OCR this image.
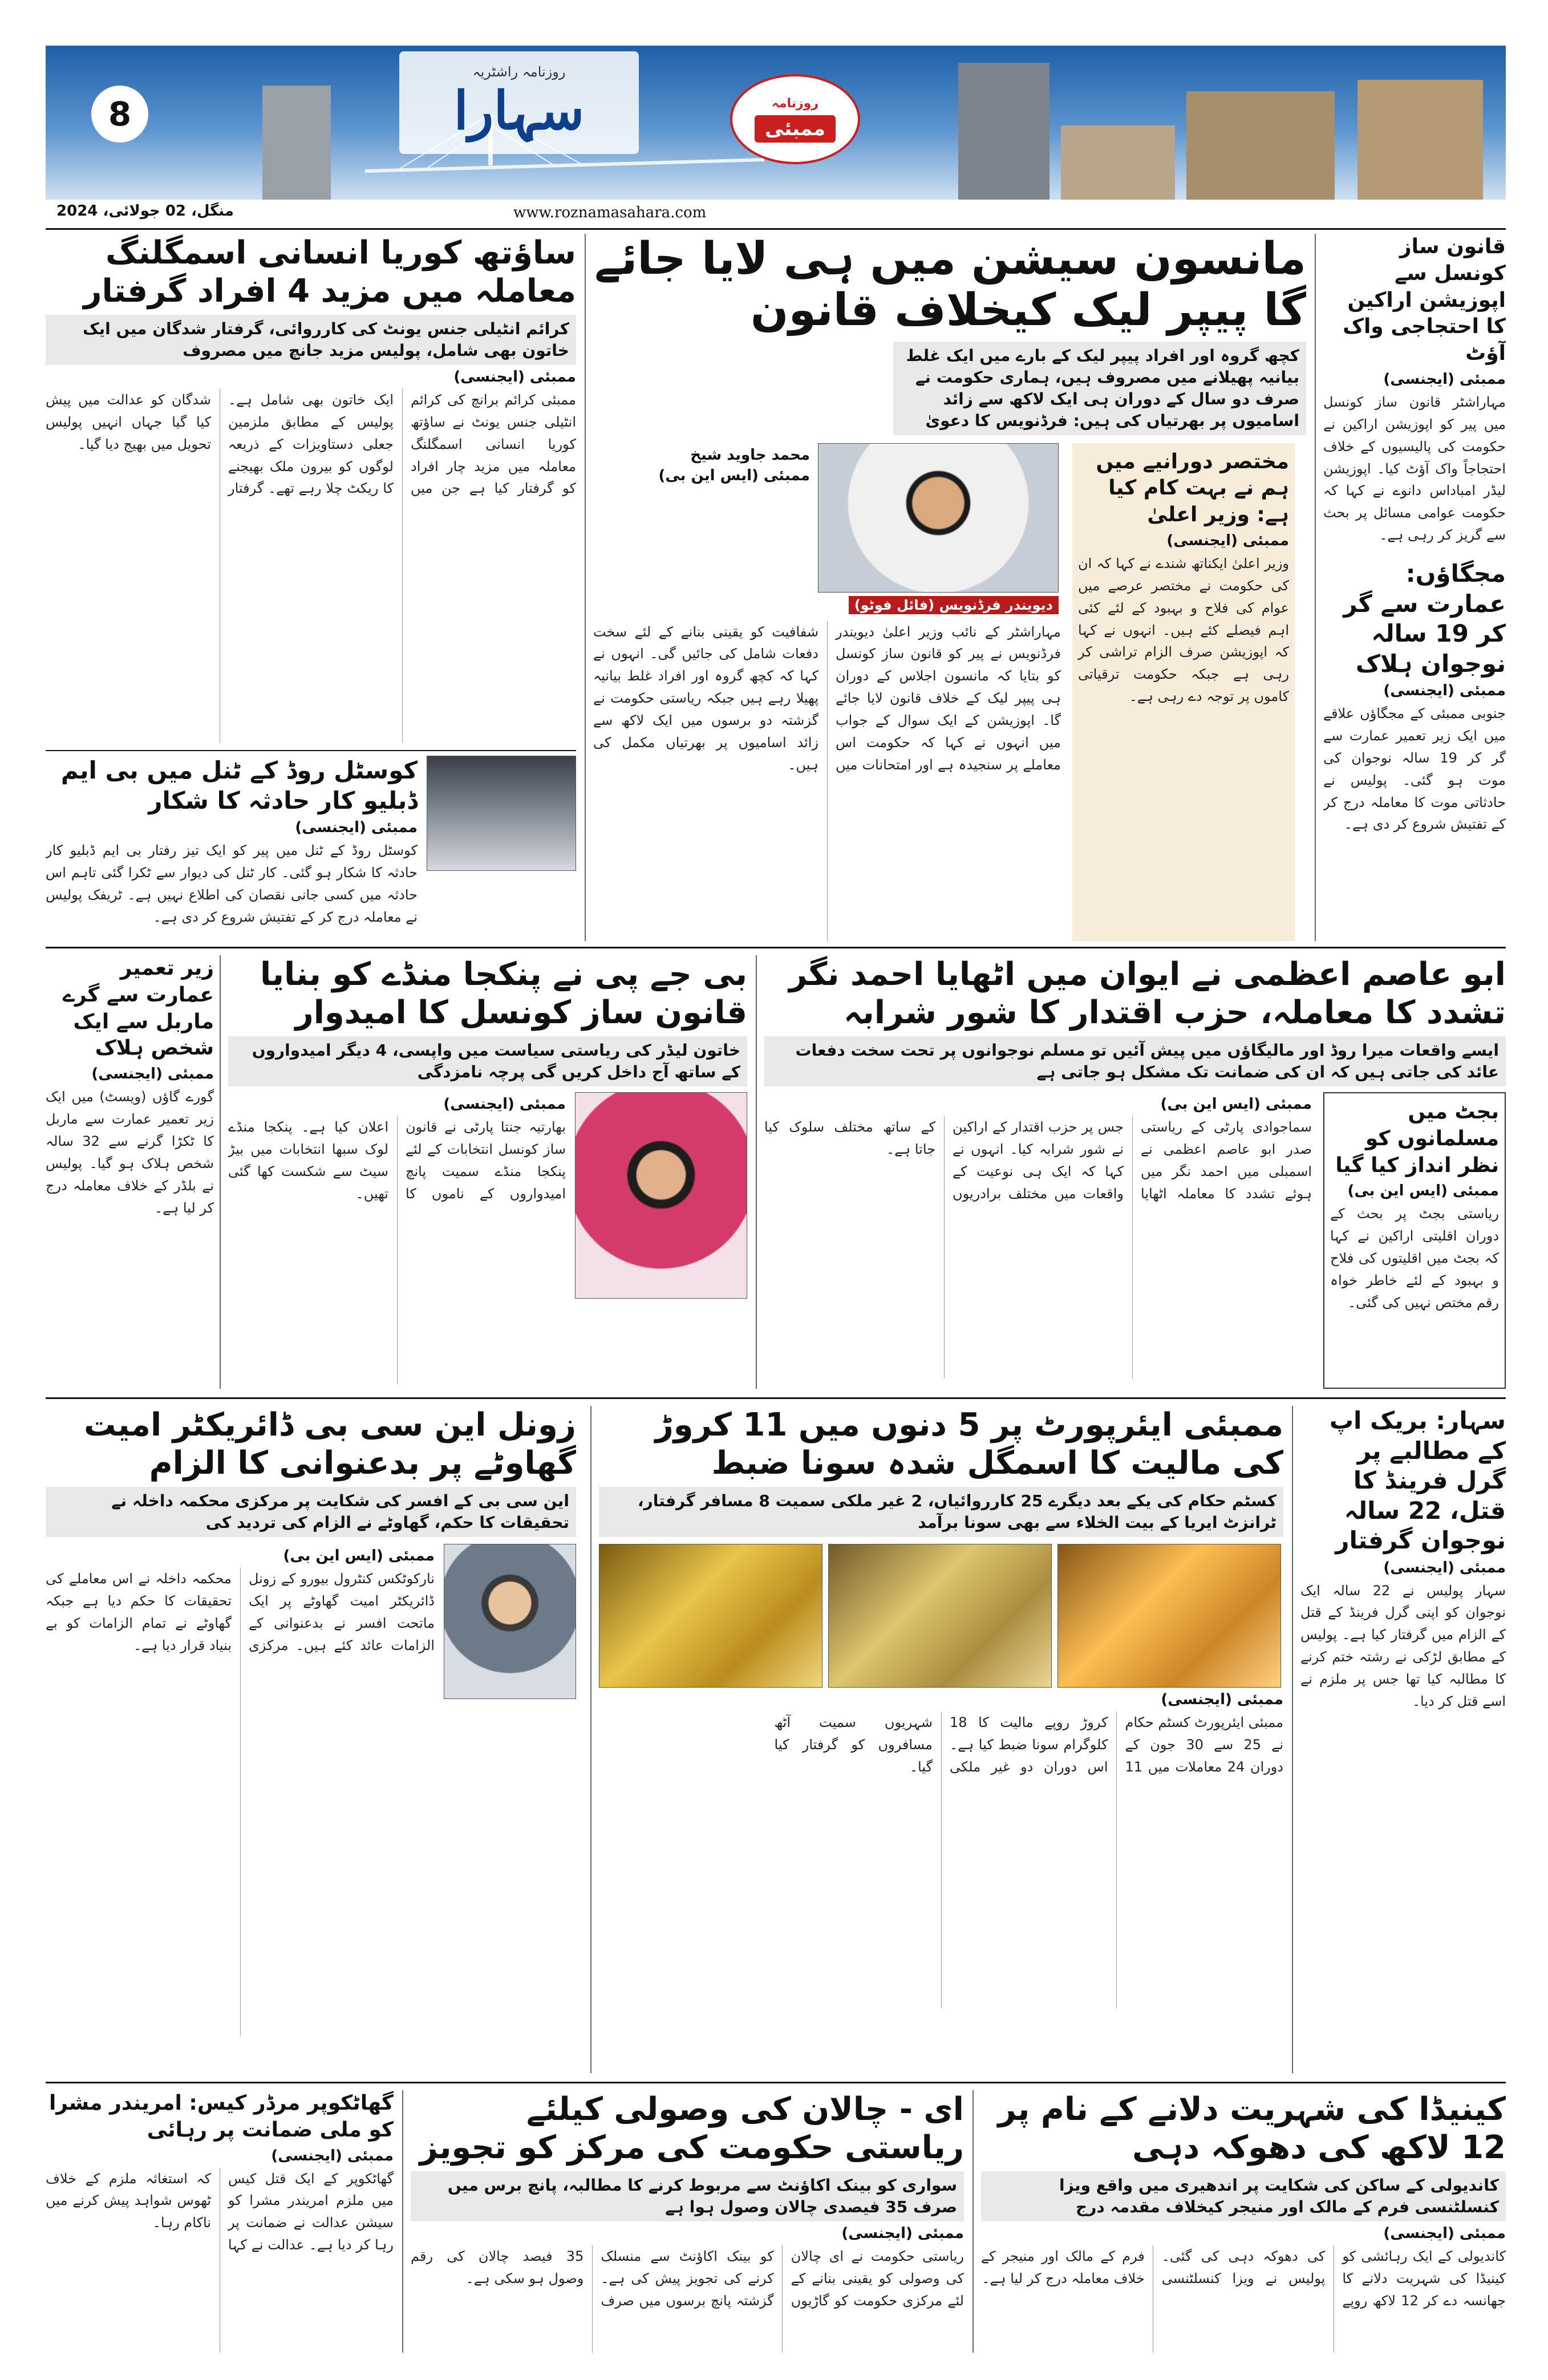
8
روزنامہ راشٹریہ
سہارا	روزنامہ
ممبئی
منگل، 02 جولائی، 2024	www.roznamasahara.com
قانون ساز کونسل سے اپوزیشن اراکین کا احتجاجی واک آؤٹ
ممبئی (ایجنسی)
مہاراشٹر قانون ساز کونسل میں پیر کو اپوزیشن اراکین نے حکومت کی پالیسیوں کے خلاف احتجاجاً واک آؤٹ کیا۔ اپوزیشن لیڈر امباداس دانوے نے کہا کہ حکومت عوامی مسائل پر بحث سے گریز کر رہی ہے۔
مجگاؤں: عمارت سے گر کر 19 سالہ نوجوان ہلاک
ممبئی (ایجنسی)
جنوبی ممبئی کے مجگاؤں علاقے میں ایک زیر تعمیر عمارت سے گر کر 19 سالہ نوجوان کی موت ہو گئی۔ پولیس نے حادثاتی موت کا معاملہ درج کر کے تفتیش شروع کر دی ہے۔
مانسون سیشن میں ہی لایا جائے گا پیپر لیک کیخلاف قانون
کچھ گروہ اور افراد پیپر لیک کے بارے میں ایک غلط بیانیہ پھیلانے میں مصروف ہیں، ہماری حکومت نے صرف دو سال کے دوران ہی ایک لاکھ سے زائد اسامیوں پر بھرتیاں کی ہیں: فرڈنویس کا دعویٰ
محمد جاوید شیخ
ممبئی (ایس این بی)
دیویندر فرڈنویس (فائل فوٹو)
مہاراشٹر کے نائب وزیر اعلیٰ دیویندر فرڈنویس نے پیر کو قانون ساز کونسل کو بتایا کہ مانسون اجلاس کے دوران ہی پیپر لیک کے خلاف قانون لایا جائے گا۔ اپوزیشن کے ایک سوال کے جواب میں انہوں نے کہا کہ حکومت اس معاملے پر سنجیدہ ہے اور امتحانات میں شفافیت کو یقینی بنانے کے لئے سخت دفعات شامل کی جائیں گی۔ انہوں نے کہا کہ کچھ گروہ اور افراد غلط بیانیہ پھیلا رہے ہیں جبکہ ریاستی حکومت نے گزشتہ دو برسوں میں ایک لاکھ سے زائد اسامیوں پر بھرتیاں مکمل کی ہیں۔
مختصر دورانیے میں ہم نے بہت کام کیا ہے: وزیر اعلیٰ
ممبئی (ایجنسی)
وزیر اعلیٰ ایکناتھ شندے نے کہا کہ ان کی حکومت نے مختصر عرصے میں عوام کی فلاح و بہبود کے لئے کئی اہم فیصلے کئے ہیں۔ انہوں نے کہا کہ اپوزیشن صرف الزام تراشی کر رہی ہے جبکہ حکومت ترقیاتی کاموں پر توجہ دے رہی ہے۔
ساؤتھ کوریا انسانی اسمگلنگ معاملہ میں مزید 4 افراد گرفتار
کرائم انٹیلی جنس یونٹ کی کارروائی، گرفتار شدگان میں ایک خاتون بھی شامل، پولیس مزید جانچ میں مصروف
ممبئی (ایجنسی)
ممبئی کرائم برانچ کی کرائم انٹیلی جنس یونٹ نے ساؤتھ کوریا انسانی اسمگلنگ معاملہ میں مزید چار افراد کو گرفتار کیا ہے جن میں ایک خاتون بھی شامل ہے۔ پولیس کے مطابق ملزمین جعلی دستاویزات کے ذریعہ لوگوں کو بیرون ملک بھیجنے کا ریکٹ چلا رہے تھے۔ گرفتار شدگان کو عدالت میں پیش کیا گیا جہاں انہیں پولیس تحویل میں بھیج دیا گیا۔
کوسٹل روڈ کے ٹنل میں بی ایم ڈبلیو کار حادثہ کا شکار
ممبئی (ایجنسی)
کوسٹل روڈ کے ٹنل میں پیر کو ایک تیز رفتار بی ایم ڈبلیو کار حادثہ کا شکار ہو گئی۔ کار ٹنل کی دیوار سے ٹکرا گئی تاہم اس حادثہ میں کسی جانی نقصان کی اطلاع نہیں ہے۔ ٹریفک پولیس نے معاملہ درج کر کے تفتیش شروع کر دی ہے۔
ابو عاصم اعظمی نے ایوان میں اٹھایا احمد نگر تشدد کا معاملہ، حزب اقتدار کا شور شرابہ
ایسے واقعات میرا روڈ اور مالیگاؤں میں پیش آئیں تو مسلم نوجوانوں پر تحت سخت دفعات عائد کی جاتی ہیں کہ ان کی ضمانت تک مشکل ہو جاتی ہے
ممبئی (ایس این بی)
سماجوادی پارٹی کے ریاستی صدر ابو عاصم اعظمی نے اسمبلی میں احمد نگر میں ہوئے تشدد کا معاملہ اٹھایا جس پر حزب اقتدار کے اراکین نے شور شرابہ کیا۔ انہوں نے کہا کہ ایک ہی نوعیت کے واقعات میں مختلف برادریوں کے ساتھ مختلف سلوک کیا جاتا ہے۔
بجٹ میں مسلمانوں کو نظر انداز کیا گیا
ممبئی (ایس این بی)
ریاستی بجٹ پر بحث کے دوران اقلیتی اراکین نے کہا کہ بجٹ میں اقلیتوں کی فلاح و بہبود کے لئے خاطر خواہ رقم مختص نہیں کی گئی۔
بی جے پی نے پنکجا منڈے کو بنایا قانون ساز کونسل کا امیدوار
خاتون لیڈر کی ریاستی سیاست میں واپسی، 4 دیگر امیدواروں کے ساتھ آج داخل کریں گی پرچہ نامزدگی
ممبئی (ایجنسی)
بھارتیہ جنتا پارٹی نے قانون ساز کونسل انتخابات کے لئے پنکجا منڈے سمیت پانچ امیدواروں کے ناموں کا اعلان کیا ہے۔ پنکجا منڈے لوک سبھا انتخابات میں بیڑ سیٹ سے شکست کھا گئی تھیں۔
زیر تعمیر عمارت سے گرے ماربل سے ایک شخص ہلاک
ممبئی (ایجنسی)
گورے گاؤں (ویسٹ) میں ایک زیر تعمیر عمارت سے ماربل کا ٹکڑا گرنے سے 32 سالہ شخص ہلاک ہو گیا۔ پولیس نے بلڈر کے خلاف معاملہ درج کر لیا ہے۔
سہار: بریک اپ کے مطالبے پر گرل فرینڈ کا قتل، 22 سالہ نوجوان گرفتار
ممبئی (ایجنسی)
سہار پولیس نے 22 سالہ ایک نوجوان کو اپنی گرل فرینڈ کے قتل کے الزام میں گرفتار کیا ہے۔ پولیس کے مطابق لڑکی نے رشتہ ختم کرنے کا مطالبہ کیا تھا جس پر ملزم نے اسے قتل کر دیا۔
ممبئی ایئرپورٹ پر 5 دنوں میں 11 کروڑ کی مالیت کا اسمگل شدہ سونا ضبط
کسٹم حکام کی یکے بعد دیگرے 25 کارروائیاں، 2 غیر ملکی سمیت 8 مسافر گرفتار، ٹرانزٹ ایریا کے بیت الخلاء سے بھی سونا برآمد
ممبئی (ایجنسی)
ممبئی ایئرپورٹ کسٹم حکام نے 25 سے 30 جون کے دوران 24 معاملات میں 11 کروڑ روپے مالیت کا 18 کلوگرام سونا ضبط کیا ہے۔ اس دوران دو غیر ملکی شہریوں سمیت آٹھ مسافروں کو گرفتار کیا گیا۔
زونل این سی بی ڈائریکٹر امیت گھاوٹے پر بدعنوانی کا الزام
این سی بی کے افسر کی شکایت پر مرکزی محکمہ داخلہ نے تحقیقات کا حکم، گھاوٹے نے الزام کی تردید کی
ممبئی (ایس این بی)
نارکوٹکس کنٹرول بیورو کے زونل ڈائریکٹر امیت گھاوٹے پر ایک ماتحت افسر نے بدعنوانی کے الزامات عائد کئے ہیں۔ مرکزی محکمہ داخلہ نے اس معاملے کی تحقیقات کا حکم دیا ہے جبکہ گھاوٹے نے تمام الزامات کو بے بنیاد قرار دیا ہے۔
کینیڈا کی شہریت دلانے کے نام پر 12 لاکھ کی دھوکہ دہی
کاندیولی کے ساکن کی شکایت پر اندھیری میں واقع ویزا کنسلٹنسی فرم کے مالک اور منیجر کیخلاف مقدمہ درج
ممبئی (ایجنسی)
کاندیولی کے ایک رہائشی کو کینیڈا کی شہریت دلانے کا جھانسہ دے کر 12 لاکھ روپے کی دھوکہ دہی کی گئی۔ پولیس نے ویزا کنسلٹنسی فرم کے مالک اور منیجر کے خلاف معاملہ درج کر لیا ہے۔
ای - چالان کی وصولی کیلئے ریاستی حکومت کی مرکز کو تجویز
سواری کو بینک اکاؤنٹ سے مربوط کرنے کا مطالبہ، پانچ برس میں صرف 35 فیصدی چالان وصول ہوا ہے
ممبئی (ایجنسی)
ریاستی حکومت نے ای چالان کی وصولی کو یقینی بنانے کے لئے مرکزی حکومت کو گاڑیوں کو بینک اکاؤنٹ سے منسلک کرنے کی تجویز پیش کی ہے۔ گزشتہ پانچ برسوں میں صرف 35 فیصد چالان کی رقم وصول ہو سکی ہے۔
گھاٹکوپر مرڈر کیس: امریندر مشرا کو ملی ضمانت پر رہائی
ممبئی (ایجنسی)
گھاٹکوپر کے ایک قتل کیس میں ملزم امریندر مشرا کو سیشن عدالت نے ضمانت پر رہا کر دیا ہے۔ عدالت نے کہا کہ استغاثہ ملزم کے خلاف ٹھوس شواہد پیش کرنے میں ناکام رہا۔
